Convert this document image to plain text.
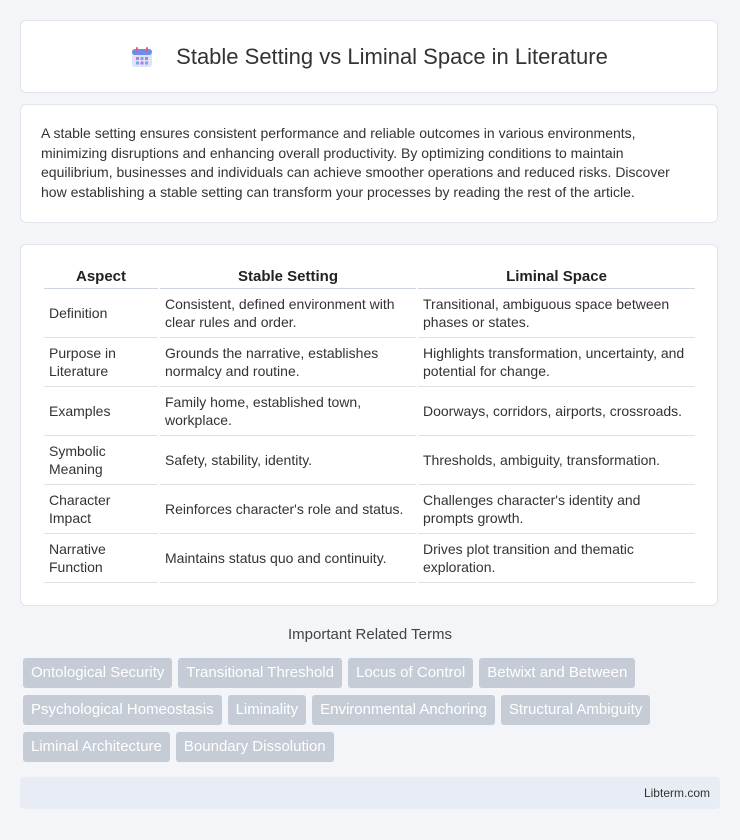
Stable Setting vs Liminal Space in Literature

A stable setting ensures consistent performance and reliable outcomes in various environments, minimizing disruptions and enhancing overall productivity. By optimizing conditions to maintain equilibrium, businesses and individuals can achieve smoother operations and reduced risks. Discover how establishing a stable setting can transform your processes by reading the rest of the article.

Aspect	Stable Setting	Liminal Space
Definition	Consistent, defined environment with clear rules and order.	Transitional, ambiguous space between phases or states.
Purpose in Literature	Grounds the narrative, establishes normalcy and routine.	Highlights transformation, uncertainty, and potential for change.
Examples	Family home, established town, workplace.	Doorways, corridors, airports, crossroads.
Symbolic Meaning	Safety, stability, identity.	Thresholds, ambiguity, transformation.
Character Impact	Reinforces character's role and status.	Challenges character's identity and prompts growth.
Narrative Function	Maintains status quo and continuity.	Drives plot transition and thematic exploration.
Important Related Terms
Ontological Security	Transitional Threshold	Locus of Control	Betwixt and Between
Psychological Homeostasis	Liminality	Environmental Anchoring	Structural Ambiguity
Liminal Architecture	Boundary Dissolution
Libterm.com
